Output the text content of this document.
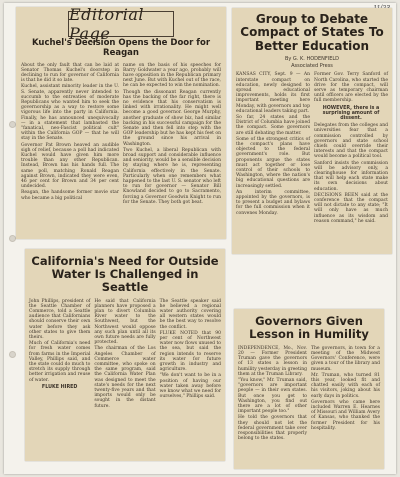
Editorial Page
Kuchel's Decision Opens the Door for Reagan

About the only fault that can be laid at Senator Thomas Kuchel's doorstep in declining to run for governor of California is that he did it so late.

Kuchel, assistant minority leader in the U. S. Senate, apparently never intended to succumb to the entreaties of moderate Republicans who wanted him to seek the governorship as a way to restore some vigorous life into the party in California. Finally, he has announced unequivocally — in a statement that lambasted the "fanatical, neo-Fascist political cult" within the California GOP — that he will stay in the Senate.

Governor Pat Brown heaved an audible sigh of relief, because a poll had indicated Kuchel would have given him more trouble than any other Republican. Instead, Brown has his hands full. The same poll, matching Ronald Reagan against Brown, indicated they were even, 46 per cent for Brown and 34 per cent undecided.

Reagan, the handsome former movie star who became a big political

name on the basis of his speeches for Barry Goldwater a year ago, probably will have opposition in the Republican primary next June. But with Kuchel out of the race, he can be expected to win the nomination.

Though the dissonant Reagan currently has the backing of the far right, there is no evidence that his conservatism is linked with irrationality. He might well become a good governor. George Murphy, another graduate of show biz, had similar backing in his successful campaign for the Senate and then fell into step with the GOP leadership but he has kept his feet on the ground since his arrival in Washington.

Two Kuchel, a liberal Republican with broad support and considerable influence and seniority, would be a sensible decision by staying where he is, representing California effectively in the Senate. Particularly when one remembers what happened to the last U. S. senator who left to run for governor — Senator Bill Knowland decided to go to Sacramento, forcing a Governor Goodwin Knight to run for the Senate. They both got beat.

Group to Debate Compact of States To Better Education
By G. K. HODENFIELD
Associated Press

KANSAS CITY, Sept. 9 — An interstate compact on education, newly designed to spread educational improvements, holds its first important meeting here Monday, with governors and top educational leaders taking part.

So far, 24 states and the District of Columbia have joined the compact. Some governors are still debating the matter.

Some of the strongest critics of the compact's plans have objected to the federal government's role. But proponents argue the states must act together or lose control of their schools to Washington, where the nation's big educational questions are increasingly settled.

An interim committee, appointed by the governors, is to present a budget and bylaws for the full commission when it convenes Monday.

Former Gov. Terry Sanford of North Carolina, who started the drive for the compact, will serve as temporary chairman until officers are elected by the full membership.

HOWEVER, there is a surprising amount of dissent.

Delegates from the colleges and universities fear that a commission controlled by governors and state school chiefs could override their interests and that the compact would become a political tool.

Sanford insists the commission will be advisory only, a clearinghouse for information that will help each state make its own decisions about education.

DECISIONS BEEN said at the conference that the compact will not dictate to any state; "It will only have as much influence as its wisdom and reason command," he said.

California's Need for Outside Water Is Challenged in Seattle

John Phillips, president of the Seattle Chamber of Commerce, told a Seattle audience that Californians should conserve their own water before they ask other states to give them theirs.

Much of California's need for fresh water comes from farms in the Imperial Valley, Phillips said, and the state could do much to stretch its supply through better irrigation and reuse of water.

FLUKE HIRED

He said that California planners have proposed a plan to divert Columbia River water to the Southwest, but the Northwest would oppose any such plan until all its own future needs are fully protected.

The chairman of the Los Angeles Chamber of Commerce water committee, who spoke on the same program, said the California Water Plan was designed to meet the state's needs for the next twenty-five years and that imports would only be sought in the distant future.

The Seattle speaker said he believed a regional water authority covering all western states would be the best way to resolve the conflict.

FLUKE NOTED that 90 per cent of Northwest water now flows unused to the sea, but said the region intends to reserve its water for future growth in industry and agriculture.

"We don't want to be in a position of having our water taken away before we know what we need for ourselves," Phillips said.

Governors Given Lesson in Humility

INDEPENDENCE, Mo., Nov. 20 — Former President Truman gave the governors of 13 states a lesson in humility yesterday in greeting them at the Truman Library.

"You know," Mr. Truman said, "governors are important people — in their own states. But once you get to Washington, you find out there are a lot of other important people too."

He told the governors that they should not let the federal government take over responsibilities that properly belong to the states.

The governors, in town for a meeting of the Midwest Governors' Conference, were given a tour of the library and museum.

Mr. Truman, who turned 81 this year, looked fit and chatted easily with each of his visitors, joking about his early days in politics.

Governors who came here included Warren E. Hearnes of Missouri and William Avery of Kansas, who thanked the former President for his hospitality.
